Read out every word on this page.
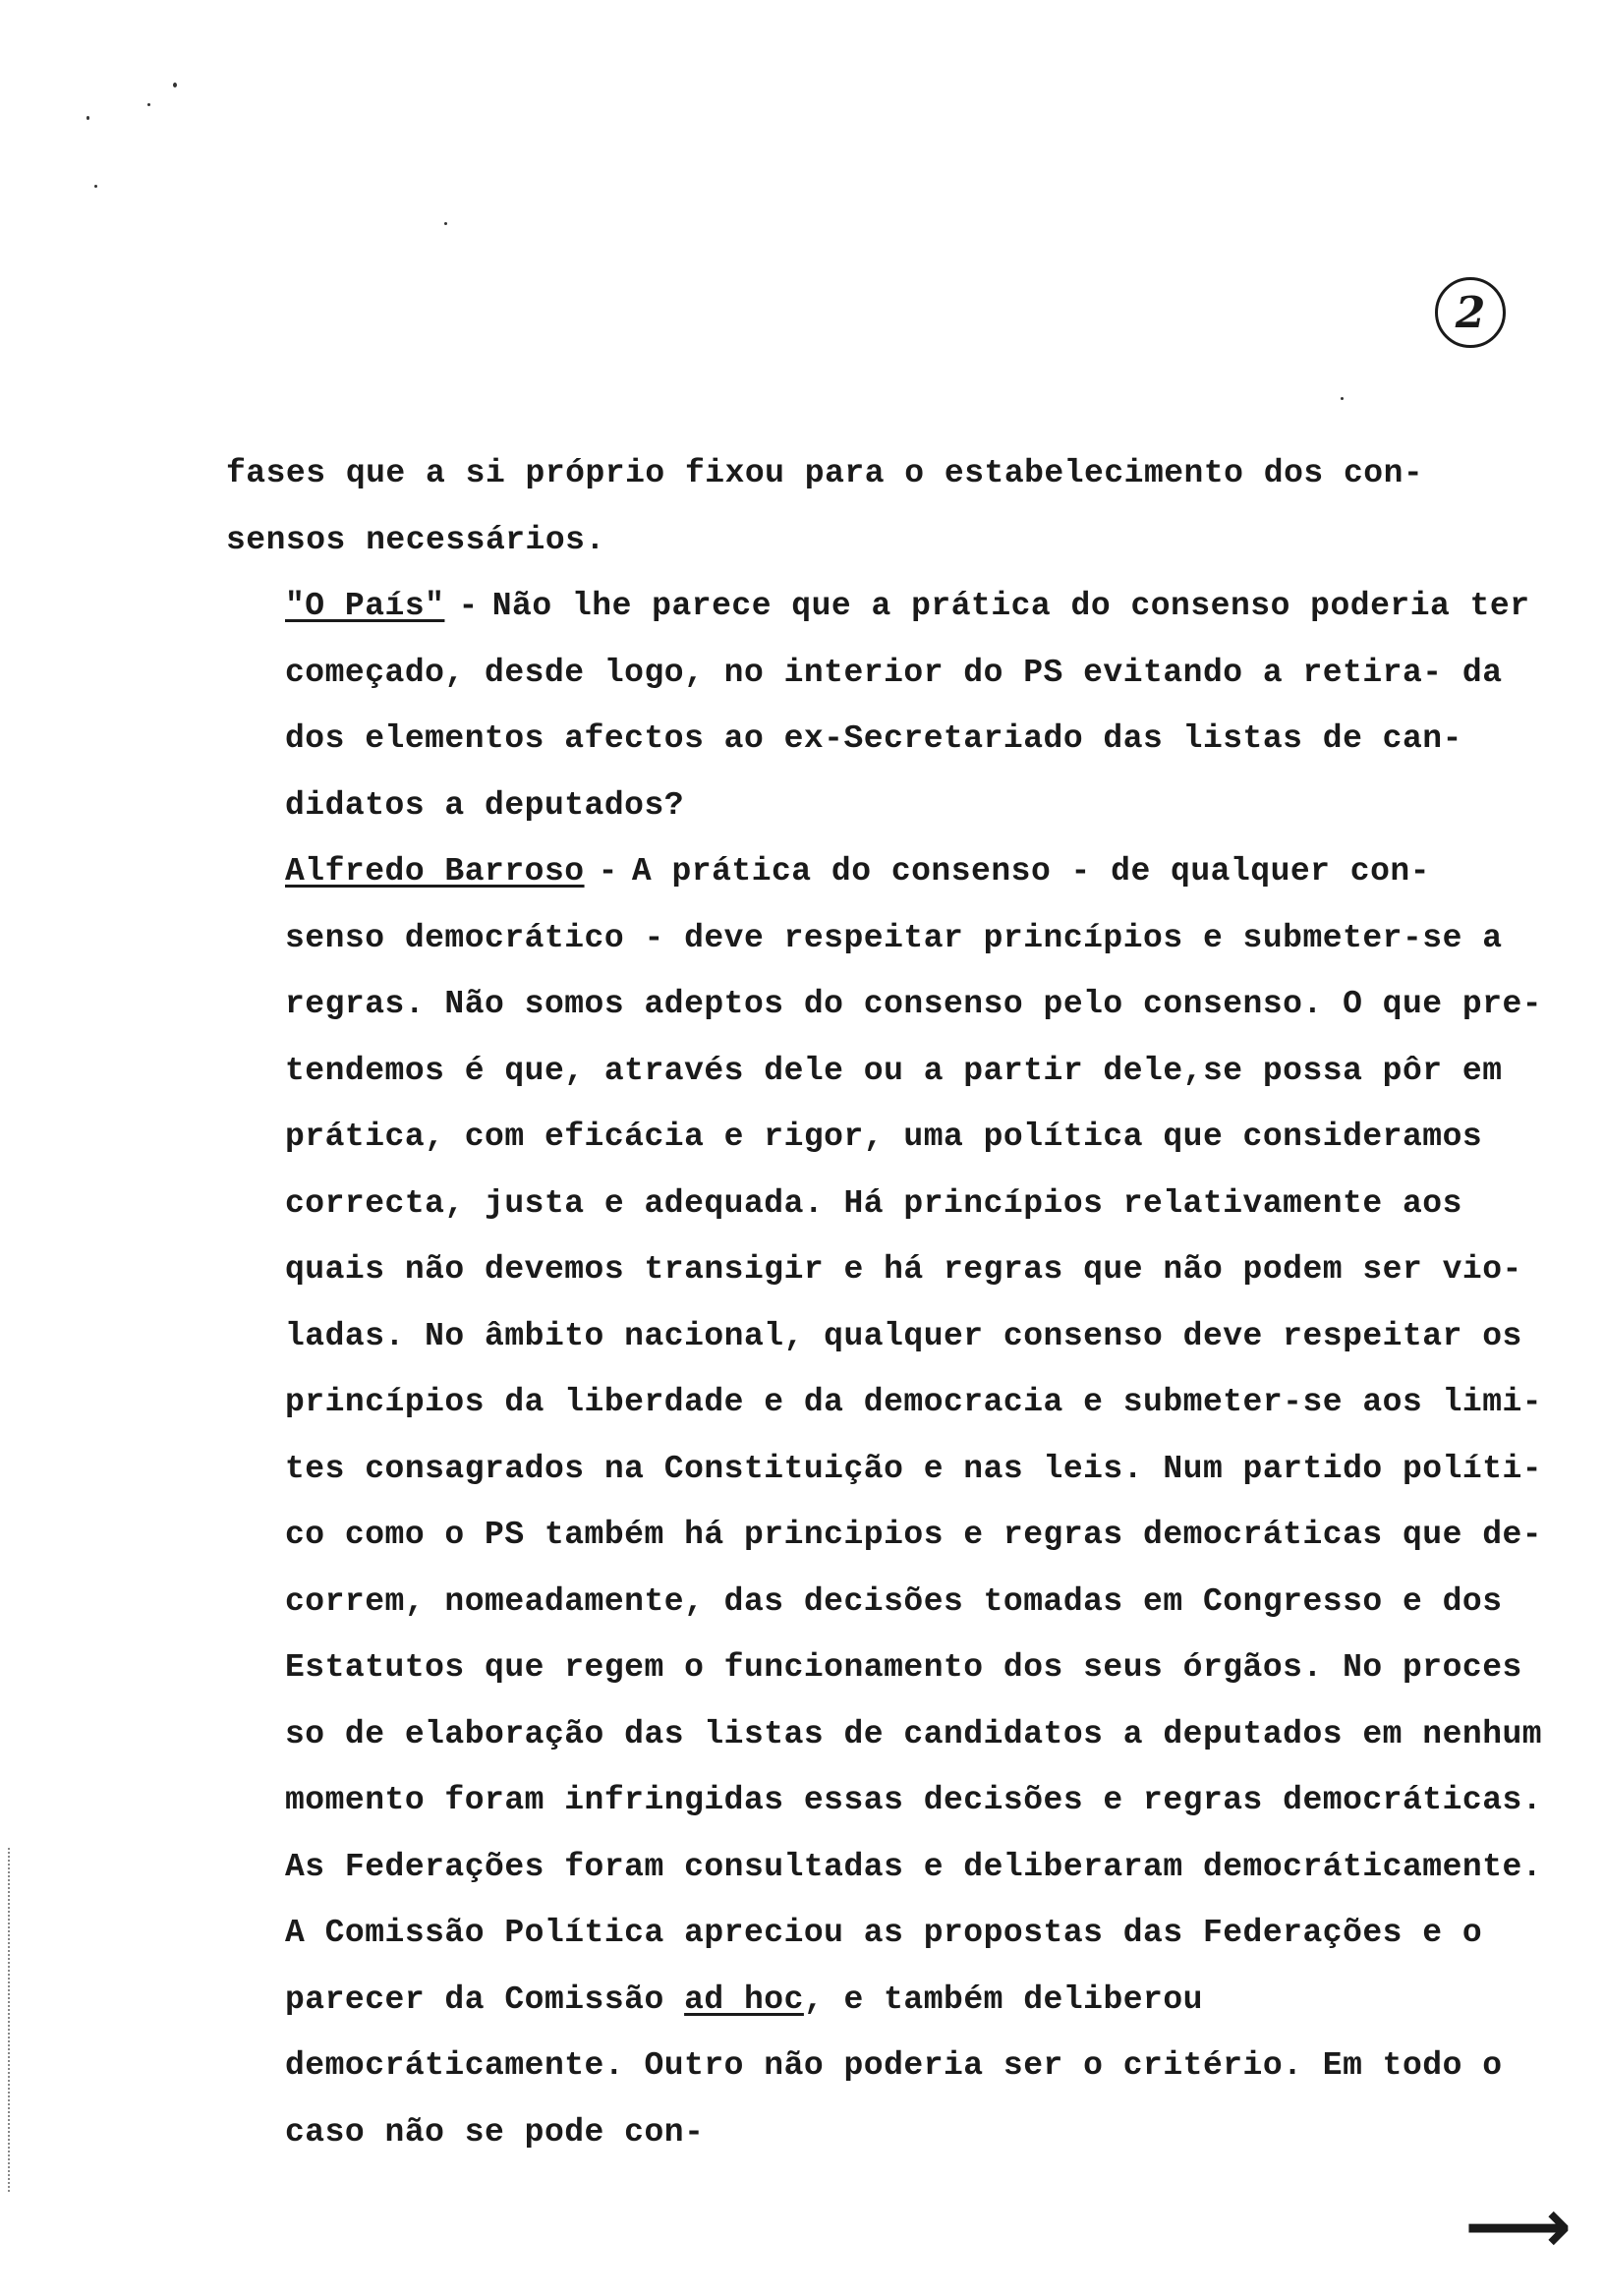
2

fases que a si próprio fixou para o estabelecimento dos con- sensos necessários.

"O País" - Não lhe parece que a prática do consenso poderia ter começado, desde logo, no interior do PS evitando a retira- da dos elementos afectos ao ex-Secretariado das listas de can- didatos a deputados?

Alfredo Barroso - A prática do consenso - de qualquer con- senso democrático - deve respeitar princípios e submeter-se a regras. Não somos adeptos do consenso pelo consenso. O que pre- tendemos é que, através dele ou a partir dele,se possa pôr em prática, com eficácia e rigor, uma política que consideramos correcta, justa e adequada. Há princípios relativamente aos quais não devemos transigir e há regras que não podem ser vio- ladas. No âmbito nacional, qualquer consenso deve respeitar os princípios da liberdade e da democracia e submeter-se aos limi- tes consagrados na Constituição e nas leis. Num partido políti- co como o PS também há principios e regras democráticas que de- correm, nomeadamente, das decisões tomadas em Congresso e dos Estatutos que regem o funcionamento dos seus órgãos. No proces so de elaboração das listas de candidatos a deputados em nenhum momento foram infringidas essas decisões e regras democráticas. As Federações foram consultadas e deliberaram democráticamente. A Comissão Política apreciou as propostas das Federações e o parecer da Comissão ad hoc, e também deliberou democráticamente. Outro não poderia ser o critério. Em todo o caso não se pode con-

⟶
